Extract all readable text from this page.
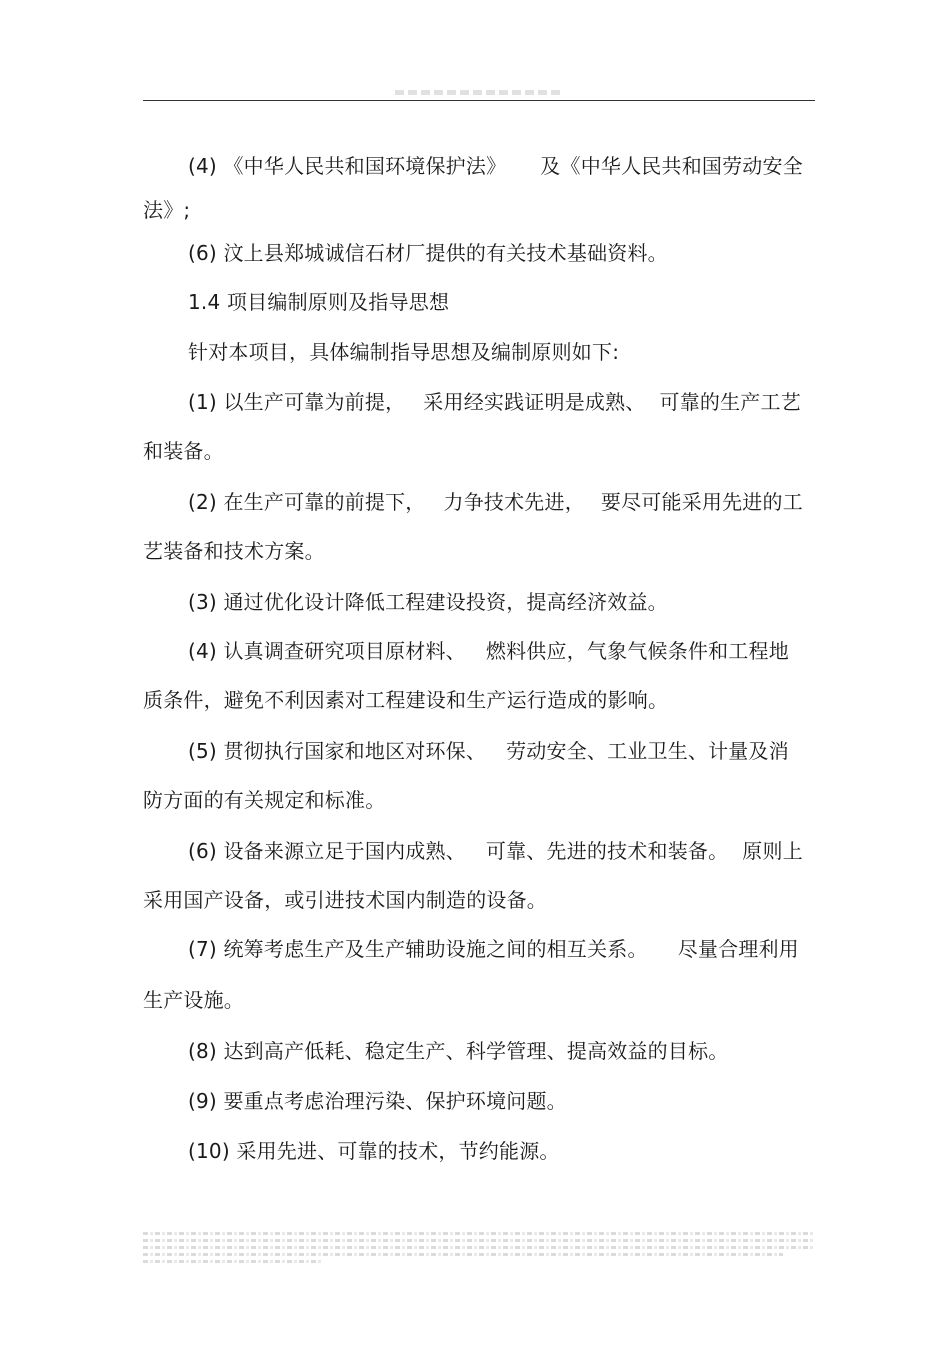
(4) 《中华人民共和国环境保护法》 及《中华人民共和国劳动安全
法》;
(6) 汶上县郑城诚信石材厂提供的有关技术基础资料。
1.4 项目编制原则及指导思想
针对本项目，具体编制指导思想及编制原则如下:
(1) 以生产可靠为前提， 采用经实践证明是成熟、 可靠的生产工艺
和装备。
(2) 在生产可靠的前提下， 力争技术先进， 要尽可能采用先进的工
艺装备和技术方案。
(3) 通过优化设计降低工程建设投资，提高经济效益。
(4) 认真调查研究项目原材料、 燃料供应，气象气候条件和工程地
质条件，避免不利因素对工程建设和生产运行造成的影响。
(5) 贯彻执行国家和地区对环保、 劳动安全、工业卫生、计量及消
防方面的有关规定和标准。
(6) 设备来源立足于国内成熟、 可靠、先进的技术和装备。 原则上
采用国产设备，或引进技术国内制造的设备。
(7) 统筹考虑生产及生产辅助设施之间的相互关系。 尽量合理利用
生产设施。
(8) 达到高产低耗、稳定生产、科学管理、提高效益的目标。
(9) 要重点考虑治理污染、保护环境问题。
(10) 采用先进、可靠的技术，节约能源。
